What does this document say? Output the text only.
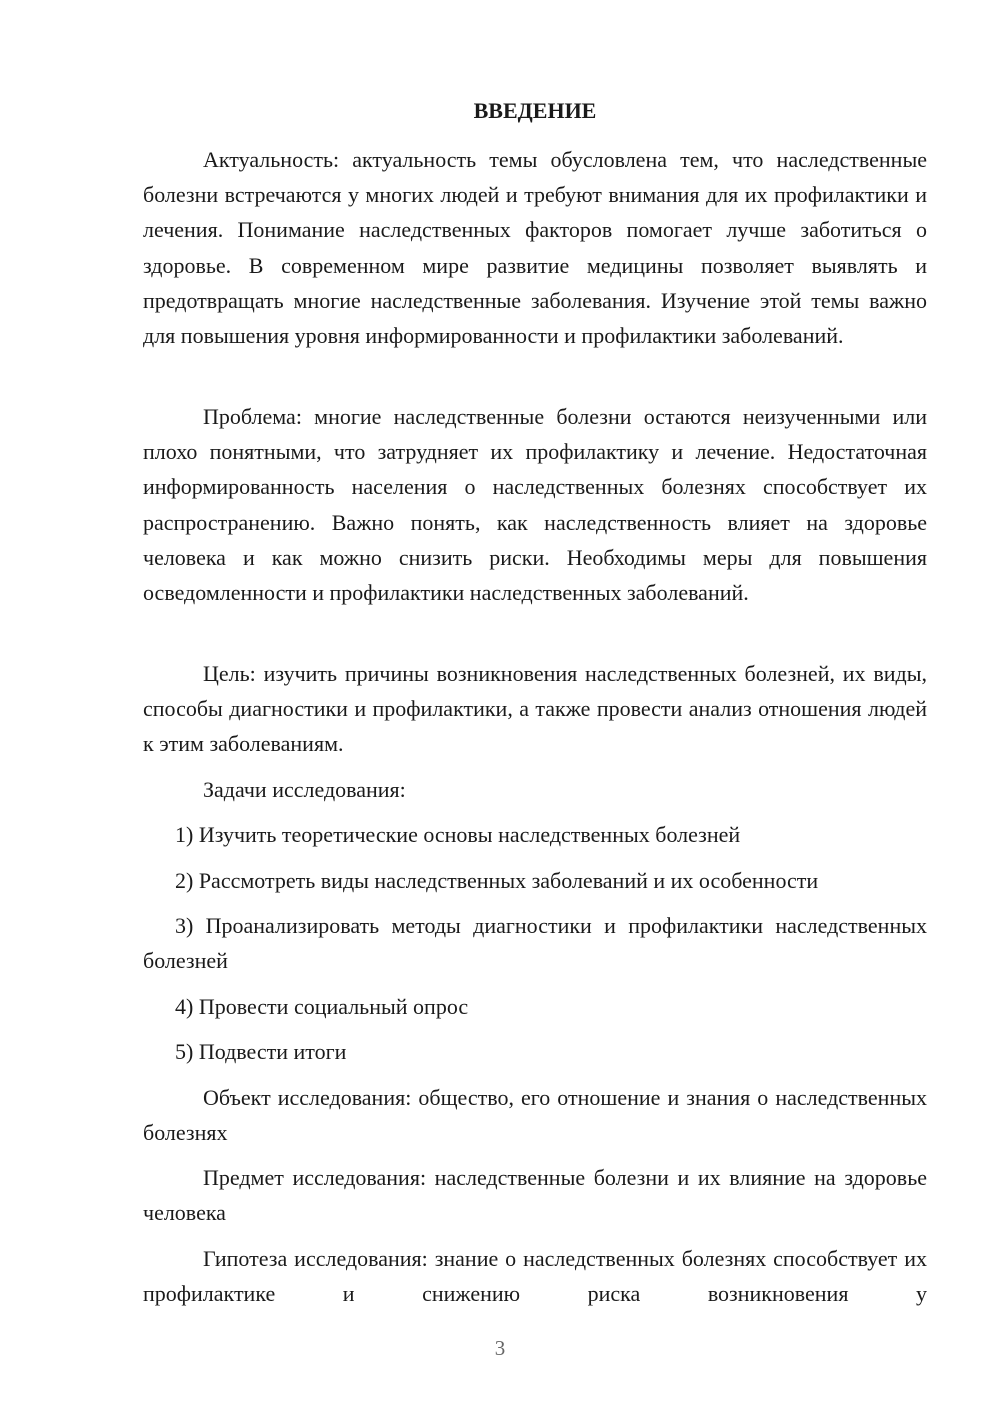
ВВЕДЕНИЕ

Актуальность: актуальность темы обусловлена тем, что наследственные болезни встречаются у многих людей и требуют внимания для их профилактики и лечения. Понимание наследственных факторов помогает лучше заботиться о здоровье. В современном мире развитие медицины позволяет выявлять и предотвращать многие наследственные заболевания. Изучение этой темы важно для повышения уровня информированности и профилактики заболеваний.

Проблема: многие наследственные болезни остаются неизученными или плохо понятными, что затрудняет их профилактику и лечение. Недостаточная информированность населения о наследственных болезнях способствует их распространению. Важно понять, как наследственность влияет на здоровье человека и как можно снизить риски. Необходимы меры для повышения осведомленности и профилактики наследственных заболеваний.

Цель: изучить причины возникновения наследственных болезней, их виды, способы диагностики и профилактики, а также провести анализ отношения людей к этим заболеваниям.

Задачи исследования:

1) Изучить теоретические основы наследственных болезней

2) Рассмотреть виды наследственных заболеваний и их особенности

3) Проанализировать методы диагностики и профилактики наследственных болезней

4) Провести социальный опрос

5) Подвести итоги

Объект исследования: общество, его отношение и знания о наследственных болезнях

Предмет исследования: наследственные болезни и их влияние на здоровье человека

Гипотеза исследования: знание о наследственных болезнях способствует их профилактике и снижению риска возникновения у

3
